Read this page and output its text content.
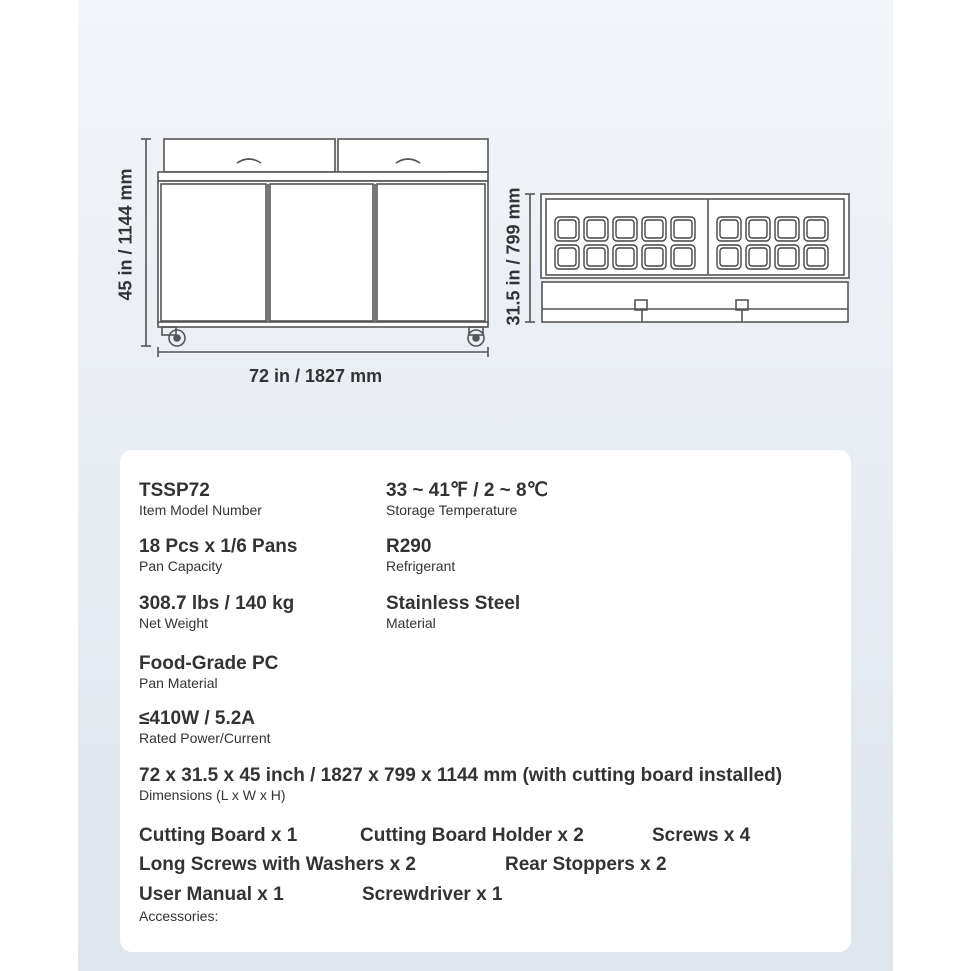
45 in / 1144 mm
72 in / 1827 mm
31.5 in / 799 mm
TSSP72
Item Model Number
33 ~ 41℉ / 2 ~ 8℃
Storage Temperature
18 Pcs x 1/6 Pans
Pan Capacity
R290
Refrigerant
308.7 lbs / 140 kg
Net Weight
Stainless Steel
Material
Food-Grade PC
Pan Material
≤410W / 5.2A
Rated Power/Current
72 x 31.5 x 45 inch / 1827 x 799 x 1144 mm (with cutting board installed)
Dimensions (L x W x H)
Cutting Board x 1	Cutting Board Holder x 2	Screws x 4
Long Screws with Washers x 2	Rear Stoppers x 2
User Manual x 1	Screwdriver x 1
Accessories:
